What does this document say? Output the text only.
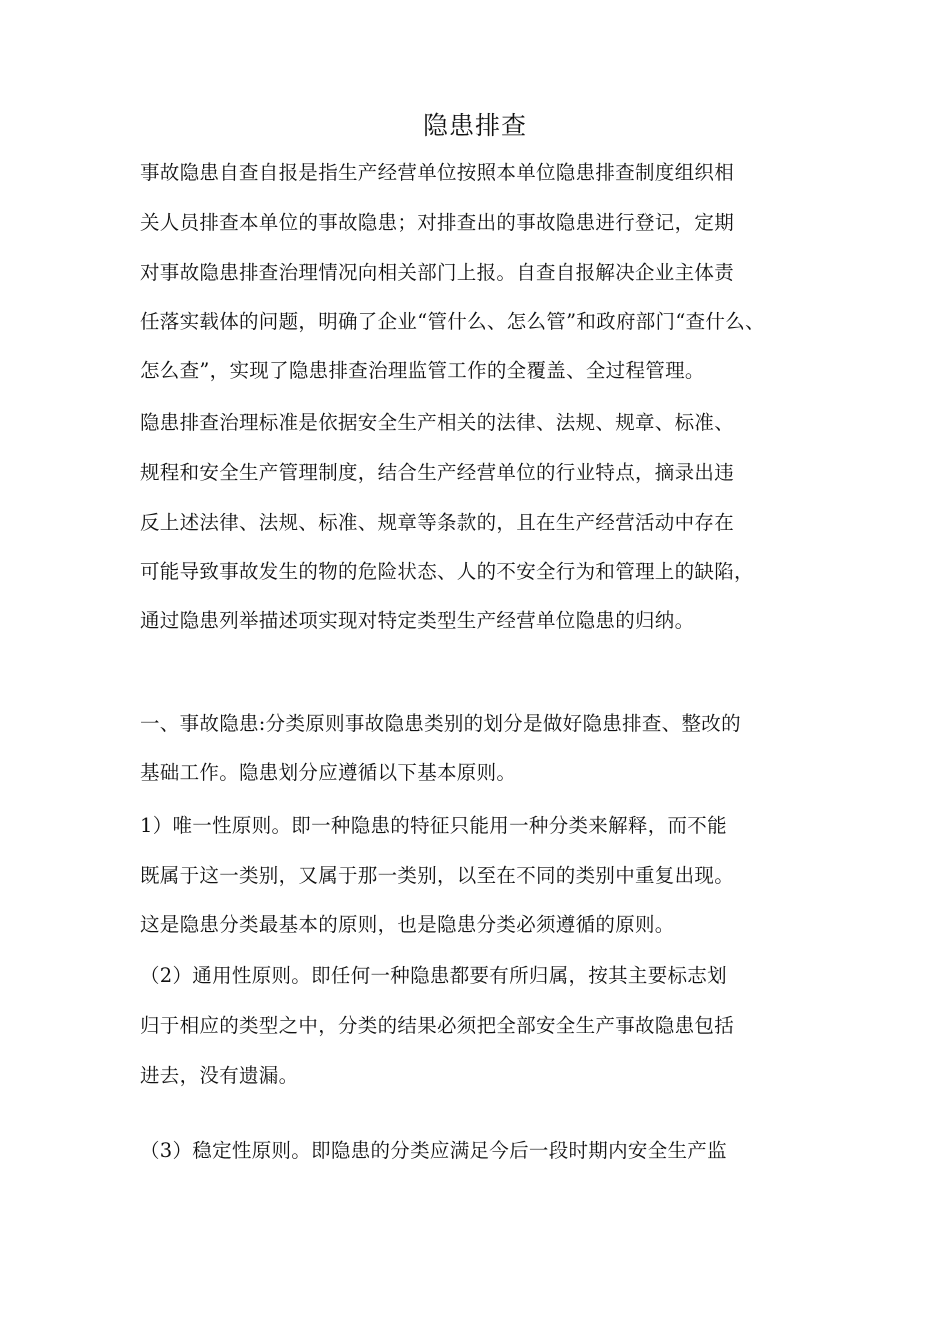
隐患排查
事故隐患自查自报是指生产经营单位按照本单位隐患排查制度组织相
关人员排查本单位的事故隐患；对排查出的事故隐患进行登记，定期
对事故隐患排查治理情况向相关部门上报。自查自报解决企业主体责
任落实载体的问题，明确了企业“管什么、怎么管”和政府部门“查什么、
怎么查”，实现了隐患排查治理监管工作的全覆盖、全过程管理。
隐患排查治理标准是依据安全生产相关的法律、法规、规章、标准、
规程和安全生产管理制度，结合生产经营单位的行业特点，摘录出违
反上述法律、法规、标准、规章等条款的，且在生产经营活动中存在
可能导致事故发生的物的危险状态、人的不安全行为和管理上的缺陷，
通过隐患列举描述项实现对特定类型生产经营单位隐患的归纳。
一、事故隐患:分类原则事故隐患类别的划分是做好隐患排查、整改的
基础工作。隐患划分应遵循以下基本原则。
1）唯一性原则。即一种隐患的特征只能用一种分类来解释，而不能
既属于这一类别，又属于那一类别，以至在不同的类别中重复出现。
这是隐患分类最基本的原则，也是隐患分类必须遵循的原则。
（2）通用性原则。即任何一种隐患都要有所归属，按其主要标志划
归于相应的类型之中，分类的结果必须把全部安全生产事故隐患包括
进去，没有遗漏。
（3）稳定性原则。即隐患的分类应满足今后一段时期内安全生产监
